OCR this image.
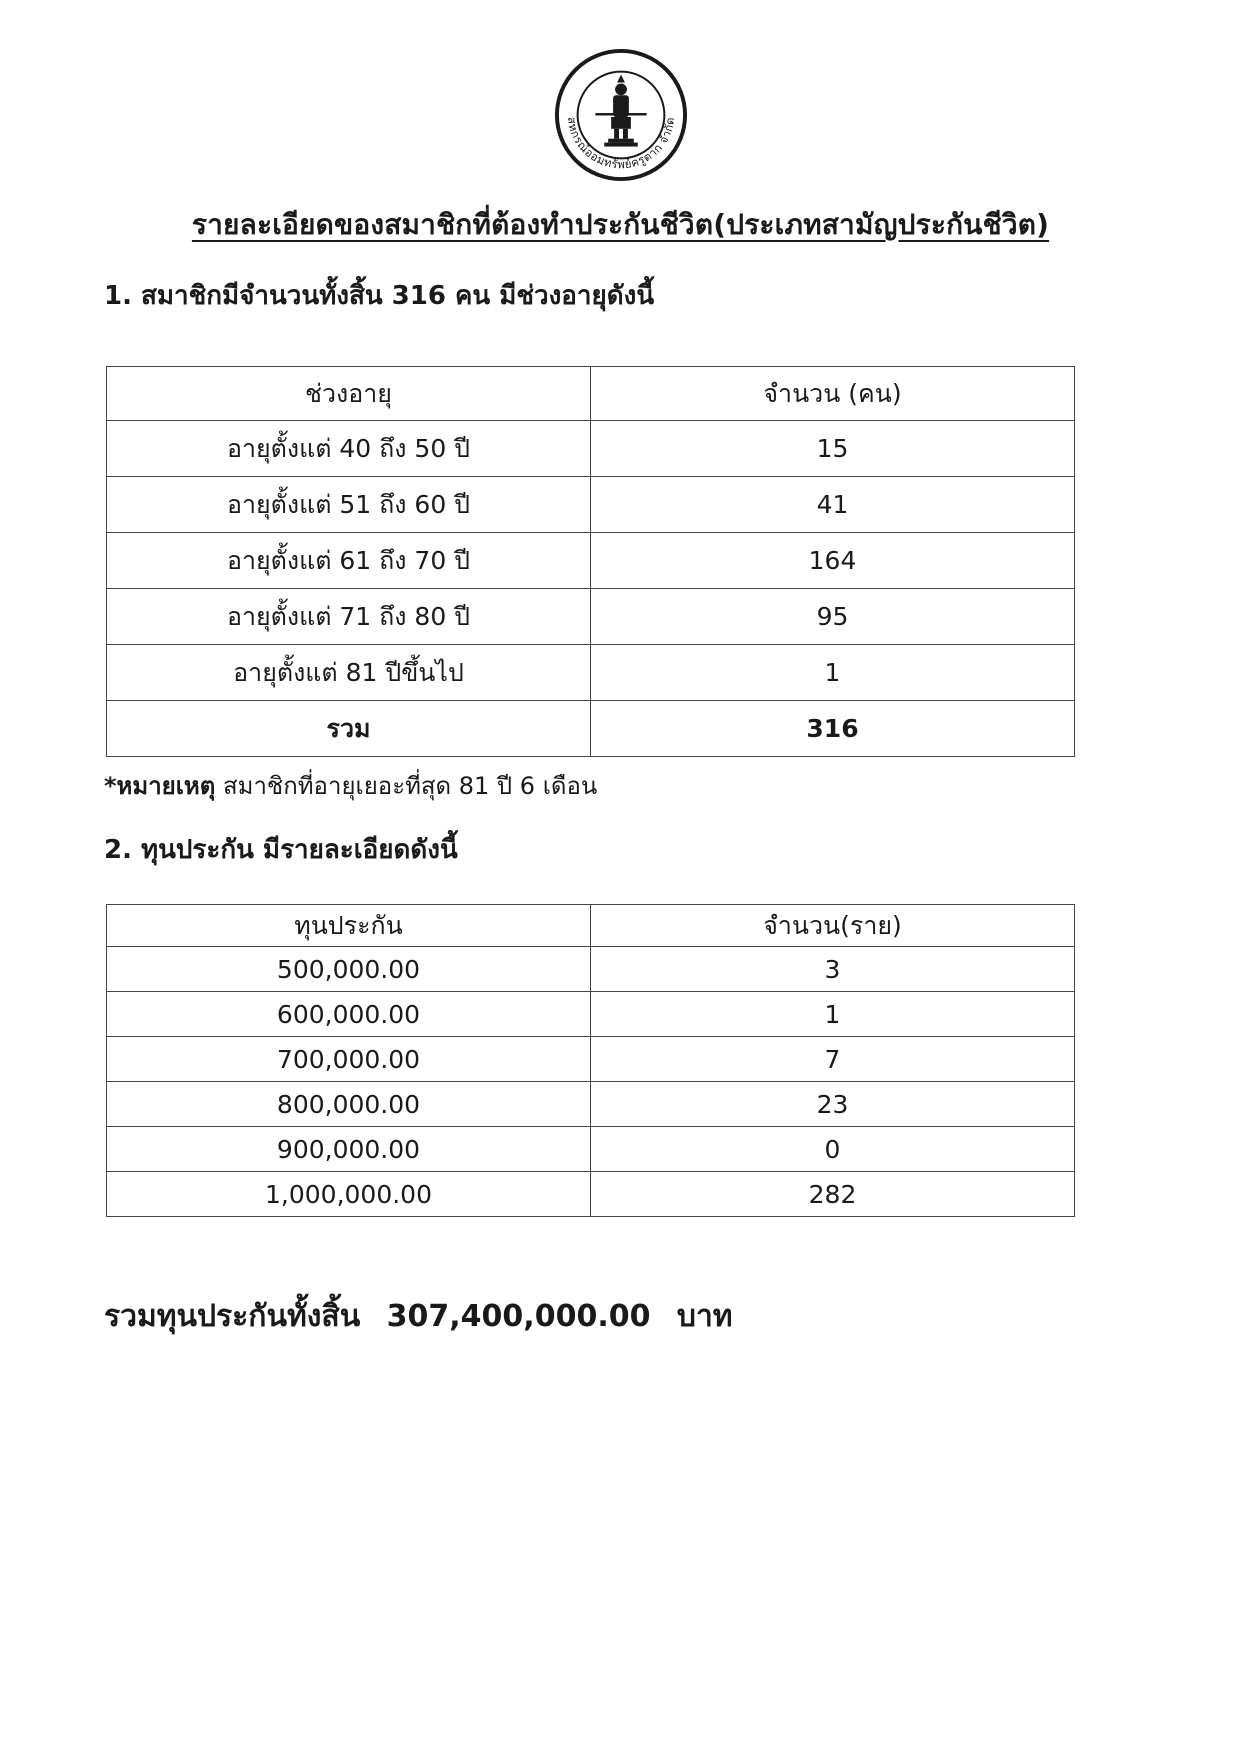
สหกรณ์ออมทรัพย์ครูตาก จำกัด
รายละเอียดของสมาชิกที่ต้องทำประกันชีวิต(ประเภทสามัญประกันชีวิต)
1. สมาชิกมีจำนวนทั้งสิ้น 316 คน มีช่วงอายุดังนี้
ช่วงอายุ	จำนวน (คน)
อายุตั้งแต่ 40 ถึง 50 ปี	15
อายุตั้งแต่ 51 ถึง 60 ปี	41
อายุตั้งแต่ 61 ถึง 70 ปี	164
อายุตั้งแต่ 71 ถึง 80 ปี	95
อายุตั้งแต่ 81 ปีขึ้นไป	1
รวม	316
*หมายเหตุ สมาชิกที่อายุเยอะที่สุด 81 ปี 6 เดือน
2. ทุนประกัน มีรายละเอียดดังนี้
ทุนประกัน	จำนวน(ราย)
500,000.00	3
600,000.00	1
700,000.00	7
800,000.00	23
900,000.00	0
1,000,000.00	282
รวมทุนประกันทั้งสิ้น 307,400,000.00 บาท
